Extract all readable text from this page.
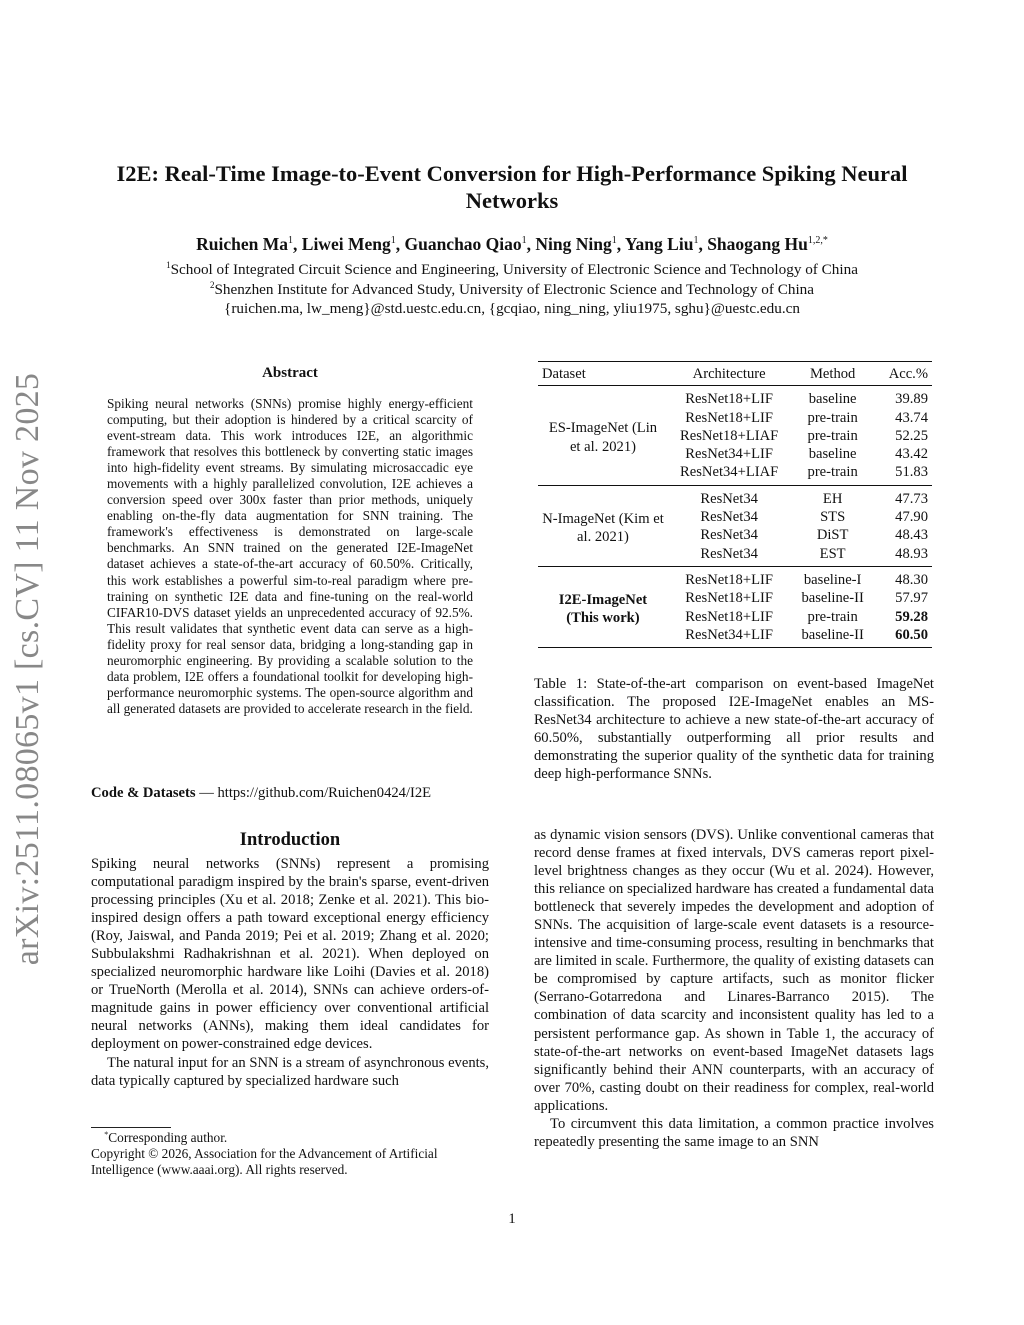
arXiv:2511.08065v1 [cs.CV] 11 Nov 2025
I2E: Real-Time Image-to-Event Conversion for High-Performance Spiking Neural Networks
Ruichen Ma$^1$, Liwei Meng$^1$, Guanchao Qiao$^1$, Ning Ning$^1$, Yang Liu$^1$, Shaogang $Hu^{1,2,*}$
$^1$School of Integrated Circuit Science and Engineering, University of Electronic Science and Technology of China
$^2$Shenzhen Institute for Advanced Study, University of Electronic Science and Technology of China
{ruichen.ma, lw_meng}@std.uestc.edu.cn, {gcqiao, ning_ning, yliu1975, sghu}@uestc.edu.cn
Abstract
Spiking neural networks (SNNs) promise highly energy-efficient computing, but their adoption is hindered by a critical scarcity of event-stream data. This work introduces I2E, an algorithmic framework that resolves this bottleneck by converting static images into high-fidelity event streams. By simulating microsaccadic eye movements with a highly parallelized convolution, I2E achieves a conversion speed over 300x faster than prior methods, uniquely enabling on-the-fly data augmentation for SNN training. The framework's effectiveness is demonstrated on large-scale benchmarks. An SNN trained on the generated I2E-ImageNet dataset achieves a state-of-the-art accuracy of 60.50%. Critically, this work establishes a powerful sim-to-real paradigm where pre-training on synthetic I2E data and fine-tuning on the real-world CIFAR10-DVS dataset yields an unprecedented accuracy of 92.5%. This result validates that synthetic event data can serve as a high-fidelity proxy for real sensor data, bridging a long-standing gap in neuromorphic engineering. By providing a scalable solution to the data problem, I2E offers a foundational toolkit for developing high-performance neuromorphic systems. The open-source algorithm and all generated datasets are provided to accelerate research in the field.
Code & Datasets — https://github.com/Ruichen0424/I2E
Introduction

Spiking neural networks (SNNs) represent a promising computational paradigm inspired by the brain's sparse, event-driven processing principles (Xu et al. 2018; Zenke et al. 2021). This bio-inspired design offers a path toward exceptional energy efficiency (Roy, Jaiswal, and Panda 2019; Pei et al. 2019; Zhang et al. 2020; Subbulakshmi Radhakrishnan et al. 2021). When deployed on specialized neuromorphic hardware like Loihi (Davies et al. 2018) or TrueNorth (Merolla et al. 2014), SNNs can achieve orders-of-magnitude gains in power efficiency over conventional artificial neural networks (ANNs), making them ideal candidates for deployment on power-constrained edge devices.

The natural input for an SNN is a stream of asynchronous events, data typically captured by specialized hardware such

*Corresponding author.
Copyright © 2026, Association for the Advancement of Artificial Intelligence (www.aaai.org). All rights reserved.
Dataset	Architecture	Method	Acc.%
ES-ImageNet (Lin et al. 2021)	ResNet18+LIF	baseline	39.89
	ResNet18+LIF	pre-train	43.74
	ResNet18+LIAF	pre-train	52.25
	ResNet34+LIF	baseline	43.42
	ResNet34+LIAF	pre-train	51.83
N-ImageNet (Kim et al. 2021)	ResNet34	EH	47.73
	ResNet34	STS	47.90
	ResNet34	DiST	48.43
	ResNet34	EST	48.93
I2E-ImageNet (This work)	ResNet18+LIF	baseline-I	48.30
	ResNet18+LIF	baseline-II	57.97
	ResNet18+LIF	pre-train	59.28
	ResNet34+LIF	baseline-II	60.50
Table 1: State-of-the-art comparison on event-based ImageNet classification. The proposed I2E-ImageNet enables an MS-ResNet34 architecture to achieve a new state-of-the-art accuracy of 60.50%, substantially outperforming all prior results and demonstrating the superior quality of the synthetic data for training deep high-performance SNNs.

as dynamic vision sensors (DVS). Unlike conventional cameras that record dense frames at fixed intervals, DVS cameras report pixel-level brightness changes as they occur (Wu et al. 2024). However, this reliance on specialized hardware has created a fundamental data bottleneck that severely impedes the development and adoption of SNNs. The acquisition of large-scale event datasets is a resource-intensive and time-consuming process, resulting in benchmarks that are limited in scale. Furthermore, the quality of existing datasets can be compromised by capture artifacts, such as monitor flicker (Serrano-Gotarredona and Linares-Barranco 2015). The combination of data scarcity and inconsistent quality has led to a persistent performance gap. As shown in Table 1, the accuracy of state-of-the-art networks on event-based ImageNet datasets lags significantly behind their ANN counterparts, with an accuracy of over 70%, casting doubt on their readiness for complex, real-world applications.

To circumvent this data limitation, a common practice involves repeatedly presenting the same image to an SNN

1
